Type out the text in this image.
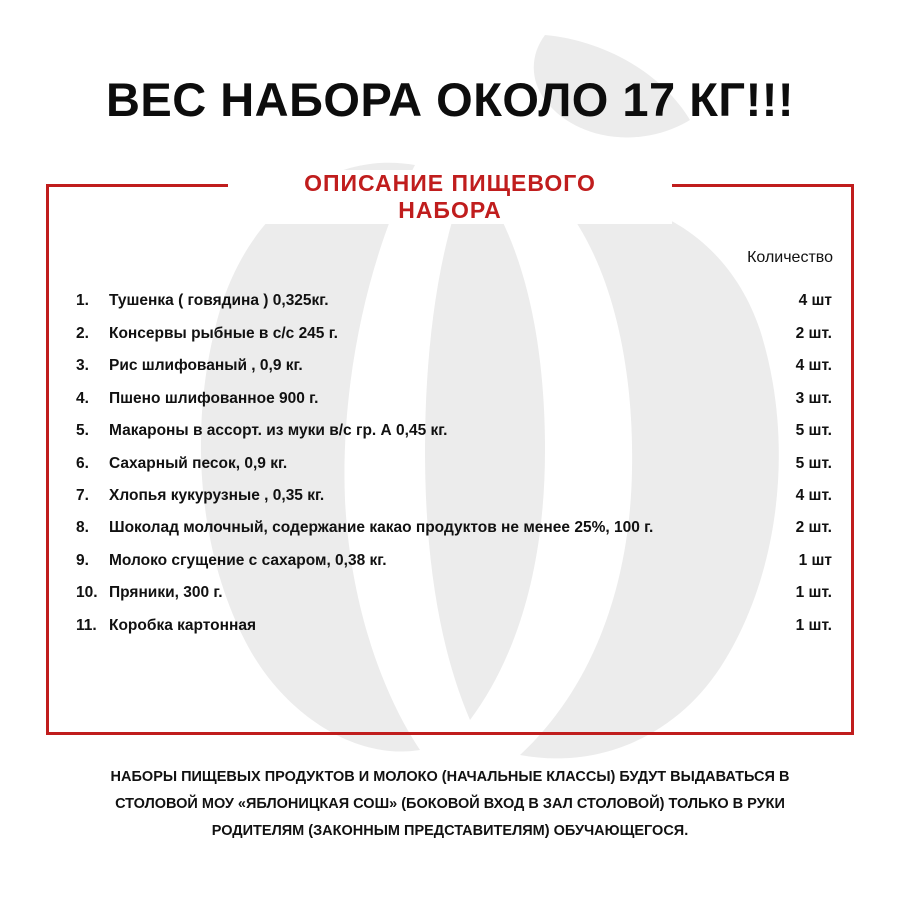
ВЕС НАБОРА ОКОЛО 17 КГ!!!
ОПИСАНИЕ ПИЩЕВОГО
НАБОРА
Количество
1. Тушенка ( говядина ) 0,325кг.	4 шт
2. Консервы рыбные в с/с 245 г.	2 шт.
3. Рис шлифованый , 0,9 кг.	4 шт.
4. Пшено шлифованное 900 г.	3 шт.
5. Макароны в ассорт. из муки в/с гр. А 0,45 кг.	5 шт.
6. Сахарный песок, 0,9 кг.	5 шт.
7. Хлопья кукурузные , 0,35 кг.	4 шт.
8. Шоколад молочный, содержание какао продуктов не менее 25%, 100 г.	2 шт.
9. Молоко сгущение с сахаром, 0,38 кг.	1 шт
10. Пряники, 300 г.	1 шт.
11. Коробка картонная	1 шт.
НАБОРЫ ПИЩЕВЫХ ПРОДУКТОВ И МОЛОКО (НАЧАЛЬНЫЕ КЛАССЫ) БУДУТ ВЫДАВАТЬСЯ В
СТОЛОВОЙ МОУ «ЯБЛОНИЦКАЯ СОШ» (БОКОВОЙ ВХОД В ЗАЛ СТОЛОВОЙ) ТОЛЬКО В РУКИ
РОДИТЕЛЯМ (ЗАКОННЫМ ПРЕДСТАВИТЕЛЯМ) ОБУЧАЮЩЕГОСЯ.
